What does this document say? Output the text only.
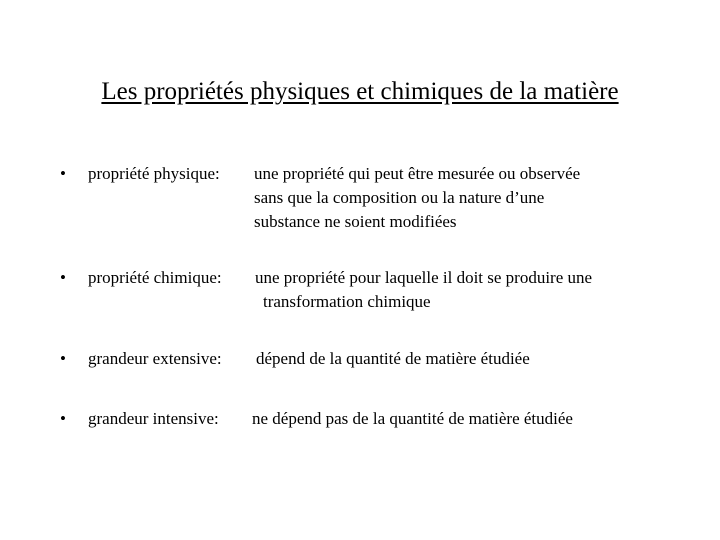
Les propriétés physiques et chimiques de la matière
•	propriété physique: une propriété qui peut être mesurée ou observée
sans que la composition ou la nature d’une
substance ne soient modifiées
•	propriété chimique: une propriété pour laquelle il doit se produire une
transformation chimique
•	grandeur extensive: dépend de la quantité de matière étudiée
•	grandeur intensive: ne dépend pas de la quantité de matière étudiée
